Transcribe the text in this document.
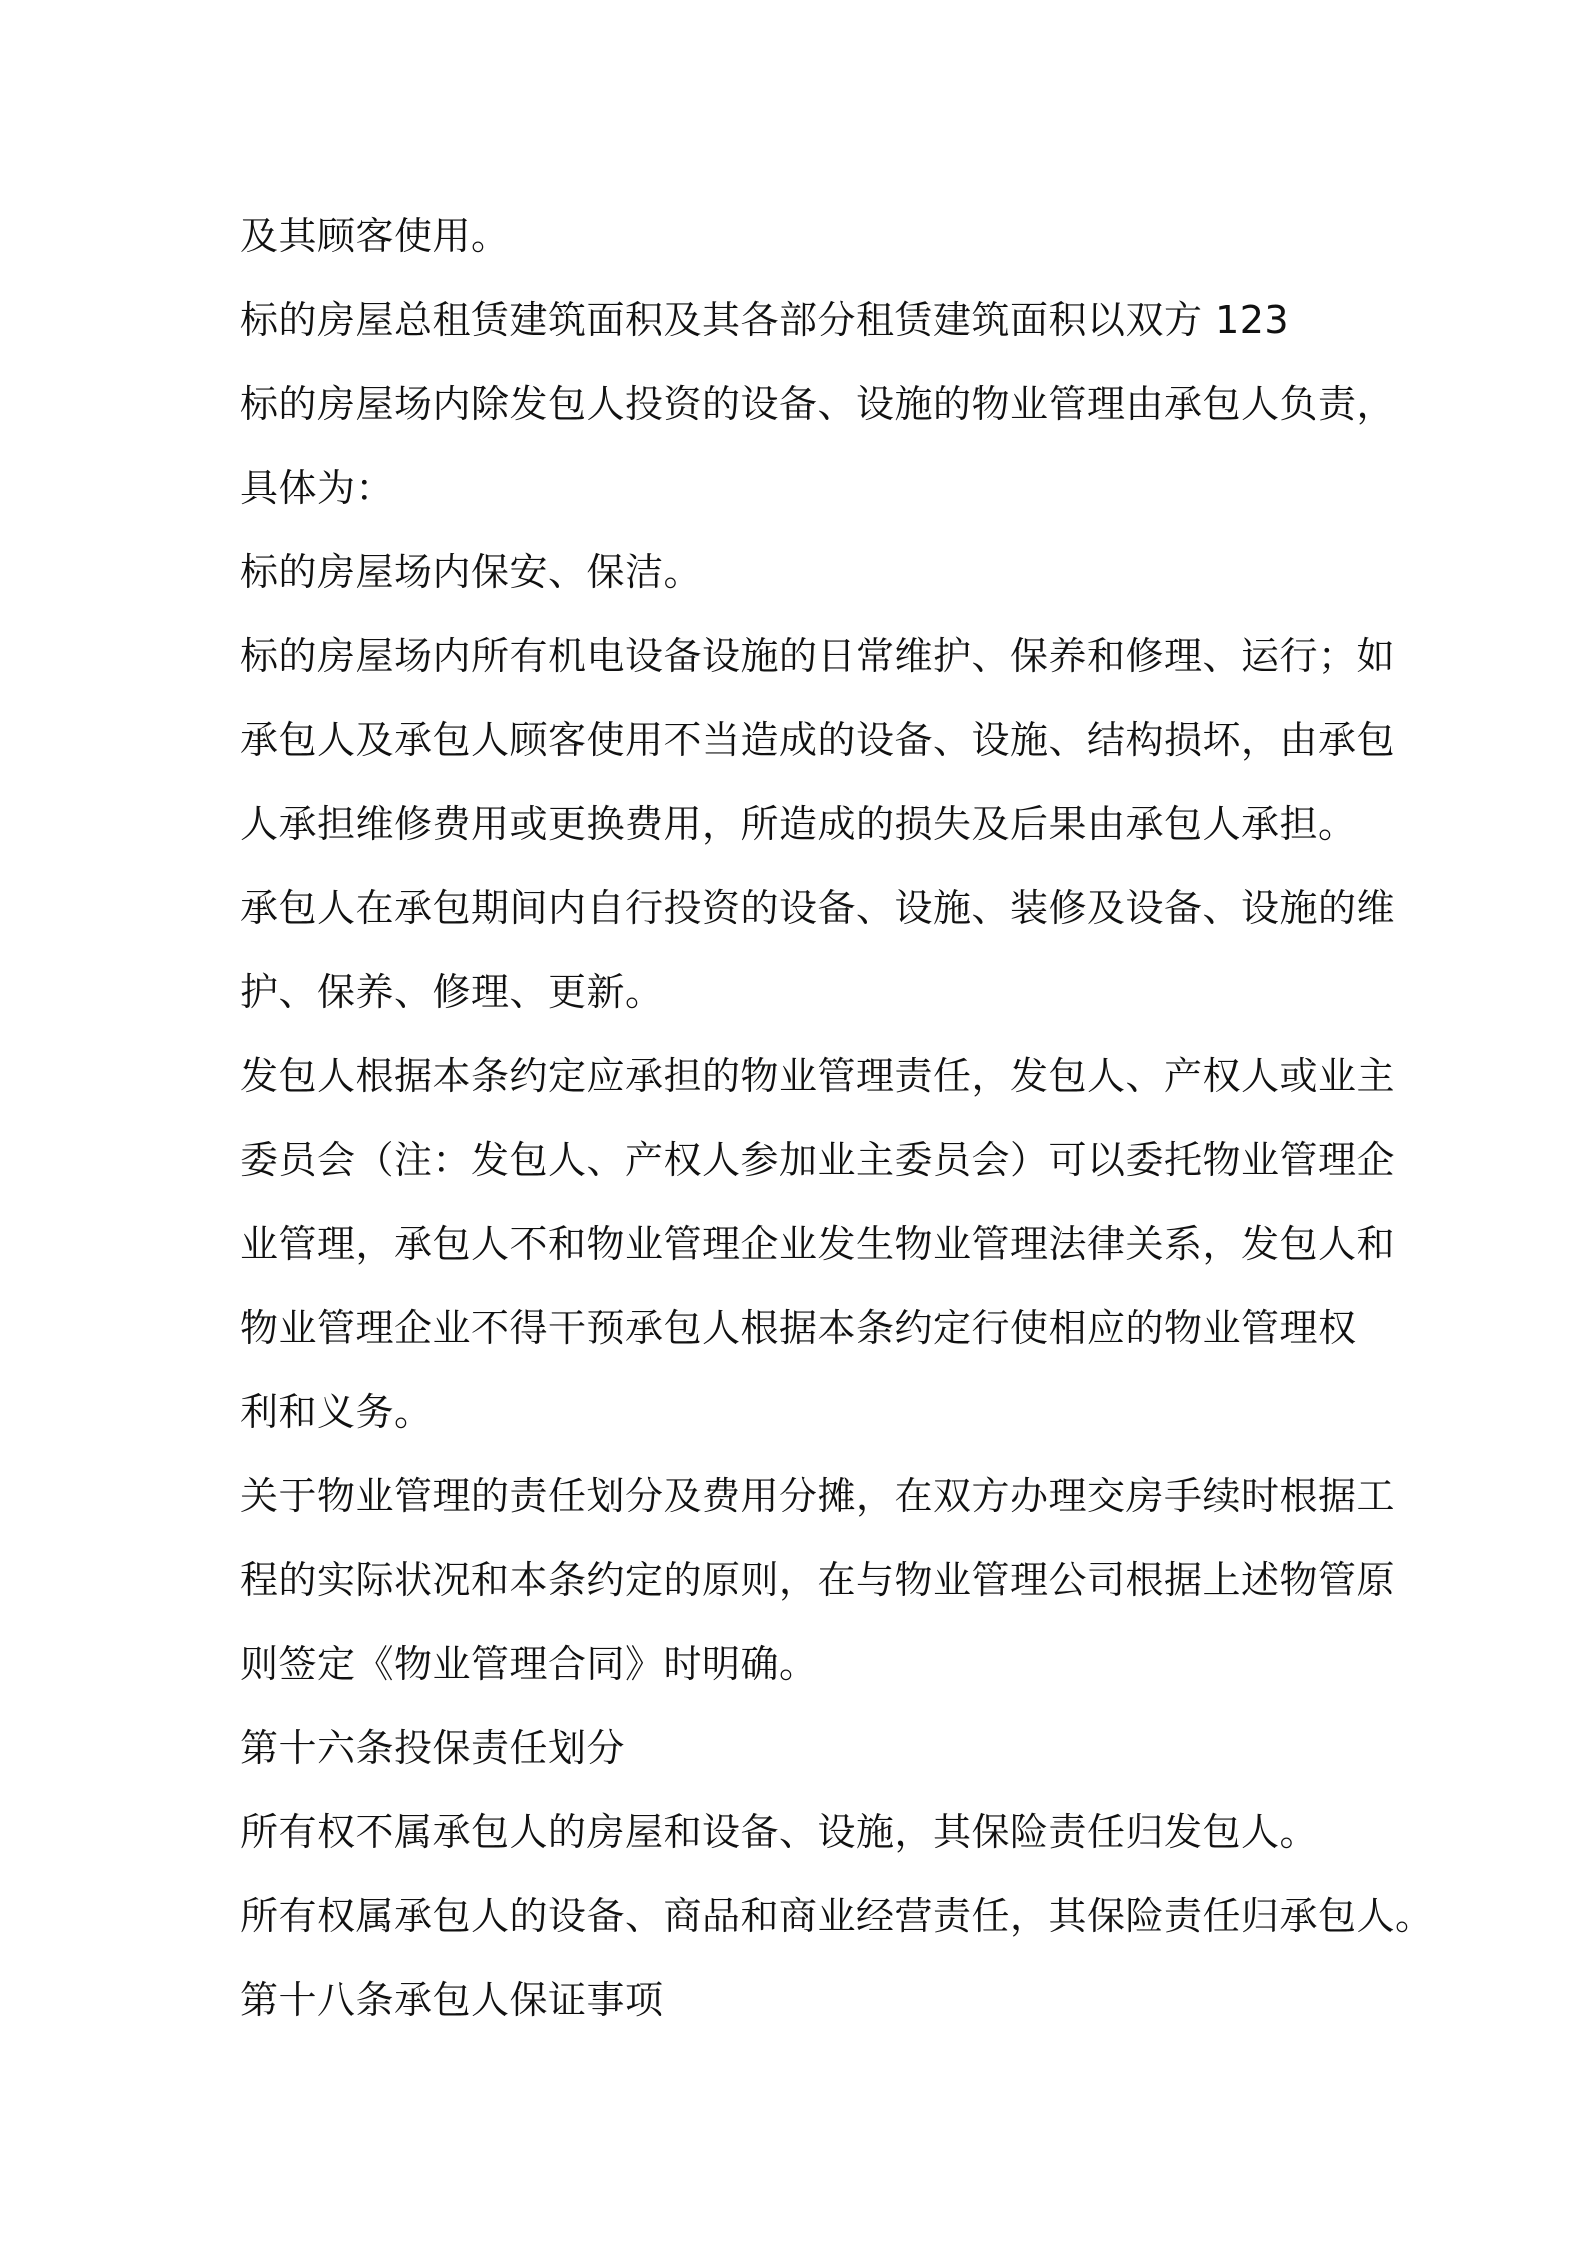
及其顾客使用。
标的房屋总租赁建筑面积及其各部分租赁建筑面积以双方 123
标的房屋场内除发包人投资的设备、设施的物业管理由承包人负责，
具体为：
标的房屋场内保安、保洁。
标的房屋场内所有机电设备设施的日常维护、保养和修理、运行；如
承包人及承包人顾客使用不当造成的设备、设施、结构损坏，由承包
人承担维修费用或更换费用，所造成的损失及后果由承包人承担。
承包人在承包期间内自行投资的设备、设施、装修及设备、设施的维
护、保养、修理、更新。
发包人根据本条约定应承担的物业管理责任，发包人、产权人或业主
委员会（注：发包人、产权人参加业主委员会）可以委托物业管理企
业管理，承包人不和物业管理企业发生物业管理法律关系，发包人和
物业管理企业不得干预承包人根据本条约定行使相应的物业管理权
利和义务。
关于物业管理的责任划分及费用分摊，在双方办理交房手续时根据工
程的实际状况和本条约定的原则，在与物业管理公司根据上述物管原
则签定《物业管理合同》时明确。
第十六条投保责任划分
所有权不属承包人的房屋和设备、设施，其保险责任归发包人。
所有权属承包人的设备、商品和商业经营责任，其保险责任归承包人。
第十八条承包人保证事项
